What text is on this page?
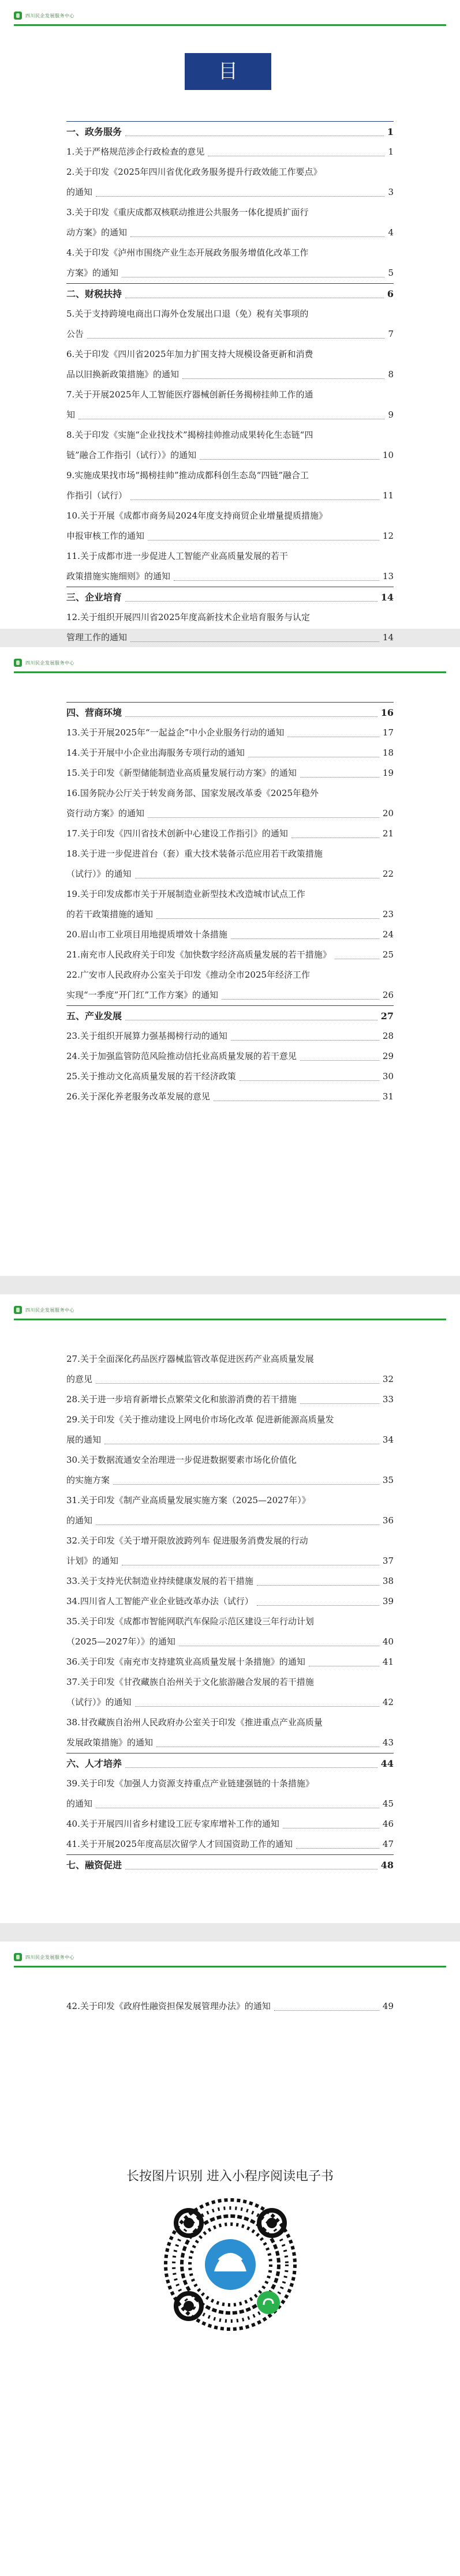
四川民企发展服务中心
目 录
一、政务服务	1
1.关于严格规范涉企行政检查的意见	1
2.关于印发《2025年四川省优化政务服务提升行政效能工作要点》
的通知	3
3.关于印发《重庆成都双核联动推进公共服务一体化提质扩面行
动方案》的通知	4
4.关于印发《泸州市围绕产业生态开展政务服务增值化改革工作
方案》的通知	5
二、财税扶持	6
5.关于支持跨境电商出口海外仓发展出口退（免）税有关事项的
公告	7
6.关于印发《四川省2025年加力扩围支持大规模设备更新和消费
品以旧换新政策措施》的通知	8
7.关于开展2025年人工智能医疗器械创新任务揭榜挂帅工作的通
知	9
8.关于印发《实施“企业找技术”揭榜挂帅推动成果转化生态链“四
链”融合工作指引（试行）》的通知	10
9.实施成果找市场“揭榜挂帅”推动成都科创生态岛“四链”融合工
作指引（试行）	11
10.关于开展《成都市商务局2024年度支持商贸企业增量提质措施》
申报审核工作的通知	12
11.关于成都市进一步促进人工智能产业高质量发展的若干
政策措施实施细则》的通知	13
三、企业培育	14
12.关于组织开展四川省2025年度高新技术企业培育服务与认定
管理工作的通知	14
四川民企发展服务中心
四、营商环境	16
13.关于开展2025年“一起益企”中小企业服务行动的通知	17
14.关于开展中小企业出海服务专项行动的通知	18
15.关于印发《新型储能制造业高质量发展行动方案》的通知	19
16.国务院办公厅关于转发商务部、国家发展改革委《2025年稳外
资行动方案》的通知	20
17.关于印发《四川省技术创新中心建设工作指引》的通知	21
18.关于进一步促进首台（套）重大技术装备示范应用若干政策措施
（试行）》的通知	22
19.关于印发成都市关于开展制造业新型技术改造城市试点工作
的若干政策措施的通知	23
20.眉山市工业项目用地提质增效十条措施	24
21.南充市人民政府关于印发《加快数字经济高质量发展的若干措施》	25
22.广安市人民政府办公室关于印发《推动全市2025年经济工作
实现“一季度”开门红”工作方案》的通知	26
五、产业发展	27
23.关于组织开展算力强基揭榜行动的通知	28
24.关于加强监管防范风险推动信托业高质量发展的若干意见	29
25.关于推动文化高质量发展的若干经济政策	30
26.关于深化养老服务改革发展的意见	31
四川民企发展服务中心
27.关于全面深化药品医疗器械监管改革促进医药产业高质量发展
的意见	32
28.关于进一步培育新增长点繁荣文化和旅游消费的若干措施	33
29.关于印发《关于推动建设上网电价市场化改革 促进新能源高质量发
展的通知	34
30.关于数据流通安全治理进一步促进数据要素市场化价值化
的实施方案	35
31.关于印发《制产业高质量发展实施方案（2025—2027年）》
的通知	36
32.关于印发《关于增开限放波跨列车 促进服务消费发展的行动
计划》的通知	37
33.关于支持光伏制造业持续健康发展的若干措施	38
34.四川省人工智能产业企业链改革办法（试行）	39
35.关于印发《成都市智能网联汽车保险示范区建设三年行动计划
（2025—2027年）》的通知	40
36.关于印发《南充市支持建筑业高质量发展十条措施》的通知	41
37.关于印发《甘孜藏族自治州关于文化旅游融合发展的若干措施
（试行）》的通知	42
38.甘孜藏族自治州人民政府办公室关于印发《推进重点产业高质量
发展政策措施》的通知	43
六、人才培养	44
39.关于印发《加强人力资源支持重点产业链建强链的十条措施》
的通知	45
40.关于开展四川省乡村建设工匠专家库增补工作的通知	46
41.关于开展2025年度高层次留学人才回国资助工作的通知	47
七、融资促进	48
四川民企发展服务中心
42.关于印发《政府性融资担保发展管理办法》的通知	49
长按图片识别 进入小程序阅读电子书
